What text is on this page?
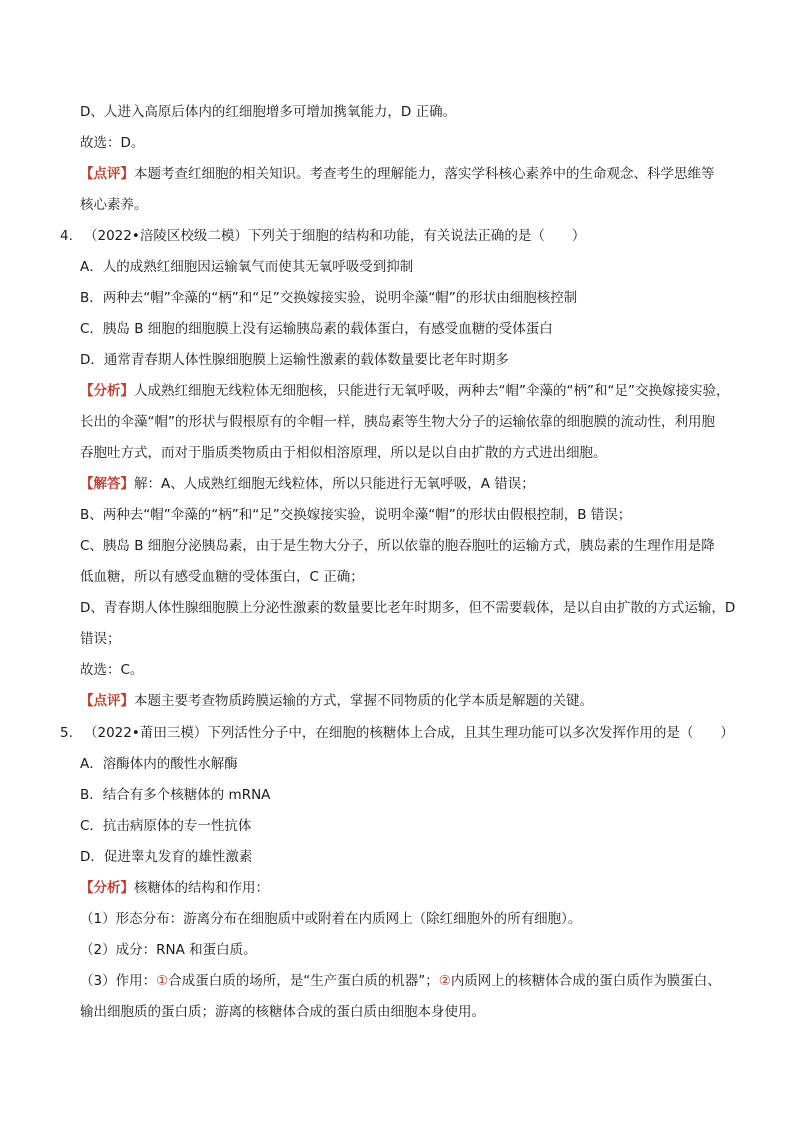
D、人进入高原后体内的红细胞增多可增加携氧能力，D 正确。
故选：D。
【点评】本题考查红细胞的相关知识。考查考生的理解能力，落实学科核心素养中的生命观念、科学思维等
核心素养。
4. （2022•涪陵区校级二模）下列关于细胞的结构和功能，有关说法正确的是（　　）
A．人的成熟红细胞因运输氧气而使其无氧呼吸受到抑制
B．两种去“帽”伞藻的“柄”和“足”交换嫁接实验，说明伞藻“帽”的形状由细胞核控制
C．胰岛 B 细胞的细胞膜上没有运输胰岛素的载体蛋白，有感受血糖的受体蛋白
D．通常青春期人体性腺细胞膜上运输性激素的载体数量要比老年时期多
【分析】人成熟红细胞无线粒体无细胞核，只能进行无氧呼吸，两种去“帽”伞藻的“柄”和“足”交换嫁接实验，
长出的伞藻“帽”的形状与假根原有的伞帽一样，胰岛素等生物大分子的运输依靠的细胞膜的流动性，利用胞
吞胞吐方式，而对于脂质类物质由于相似相溶原理，所以是以自由扩散的方式进出细胞。
【解答】解：A、人成熟红细胞无线粒体，所以只能进行无氧呼吸，A 错误；
B、两种去“帽”伞藻的“柄”和“足”交换嫁接实验，说明伞藻“帽”的形状由假根控制，B 错误；
C、胰岛 B 细胞分泌胰岛素，由于是生物大分子，所以依靠的胞吞胞吐的运输方式，胰岛素的生理作用是降
低血糖，所以有感受血糖的受体蛋白，C 正确；
D、青春期人体性腺细胞膜上分泌性激素的数量要比老年时期多，但不需要载体，是以自由扩散的方式运输，D
错误；
故选：C。
【点评】本题主要考查物质跨膜运输的方式，掌握不同物质的化学本质是解题的关键。
5. （2022•莆田三模）下列活性分子中，在细胞的核糖体上合成，且其生理功能可以多次发挥作用的是（　　）
A．溶酶体内的酸性水解酶
B．结合有多个核糖体的 mRNA
C．抗击病原体的专一性抗体
D．促进睾丸发育的雄性激素
【分析】核糖体的结构和作用：
（1）形态分布：游离分布在细胞质中或附着在内质网上（除红细胞外的所有细胞）。
（2）成分：RNA 和蛋白质。
（3）作用：①合成蛋白质的场所，是“生产蛋白质的机器”；②内质网上的核糖体合成的蛋白质作为膜蛋白、
输出细胞质的蛋白质；游离的核糖体合成的蛋白质由细胞本身使用。
